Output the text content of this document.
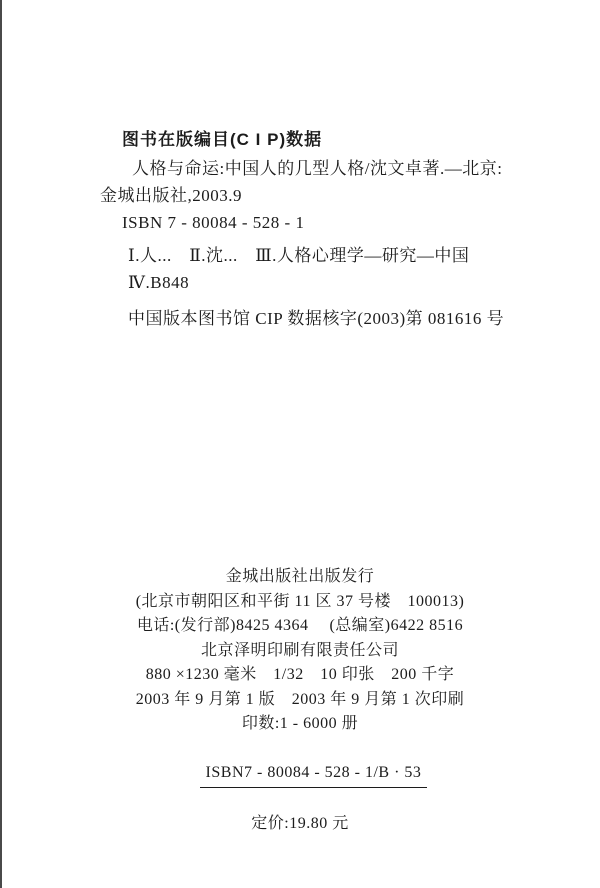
图书在版编目(C I P)数据
人格与命运:中国人的几型人格/沈文卓著.—北京:
金城出版社,2003.9
ISBN 7 - 80084 - 528 - 1
Ⅰ.人...　Ⅱ.沈...　Ⅲ.人格心理学—研究—中国
Ⅳ.B848
中国版本图书馆 CIP 数据核字(2003)第 081616 号
金城出版社出版发行
(北京市朝阳区和平街 11 区 37 号楼　100013)
电话:(发行部)8425 4364　 (总编室)6422 8516
北京泽明印刷有限责任公司
880 ×1230 毫米　1/32　10 印张　200 千字
2003 年 9 月第 1 版　2003 年 9 月第 1 次印刷
印数:1 - 6000 册

ISBN7 - 80084 - 528 - 1/B · 53

定价:19.80 元
